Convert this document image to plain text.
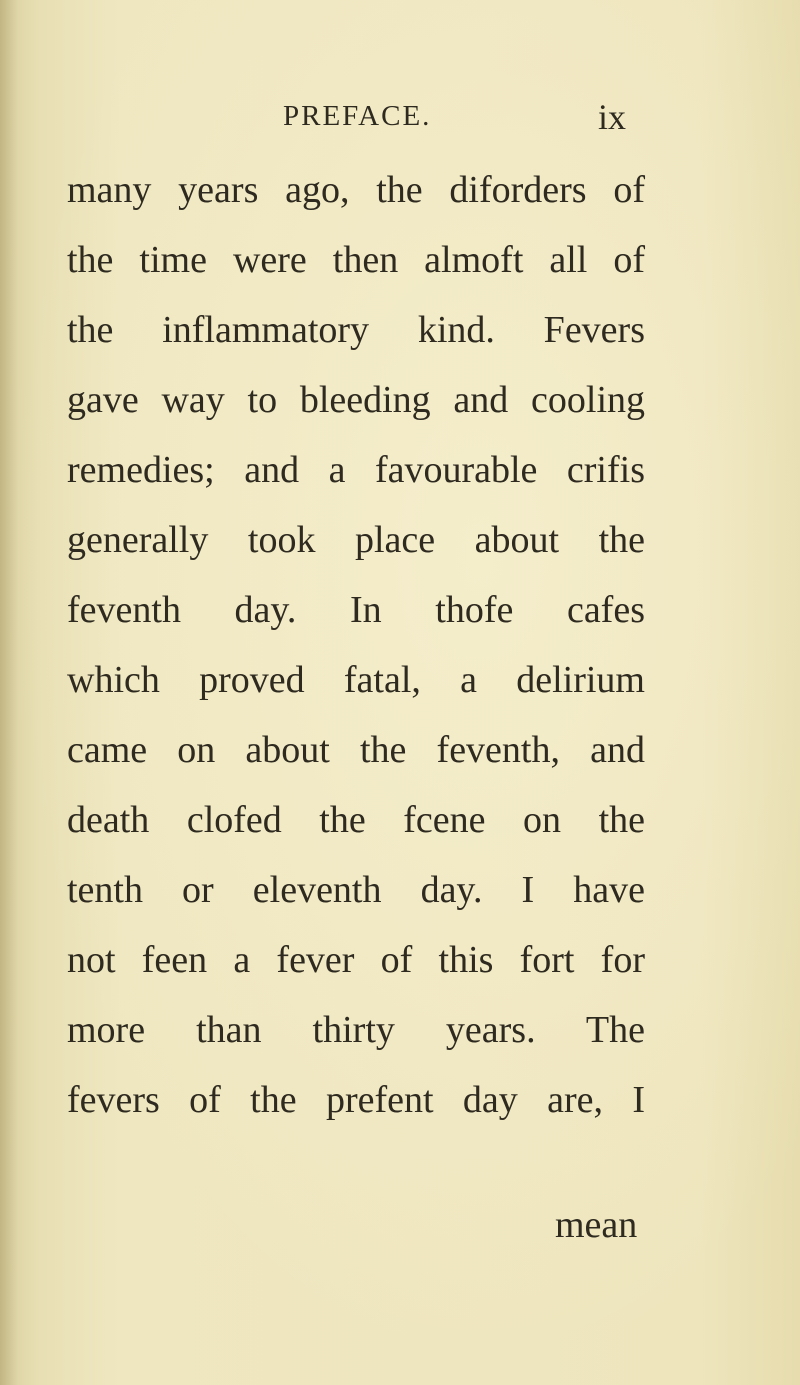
PREFACE.	ix
many years ago, the diforders of
the time were then almoft all of
the inflammatory kind. Fevers
gave way to bleeding and cooling
remedies; and a favourable crifis
generally took place about the
feventh day. In thofe cafes
which proved fatal, a delirium
came on about the feventh, and
death clofed the fcene on the
tenth or eleventh day. I have
not feen a fever of this fort for
more than thirty years. The
fevers of the prefent day are, I
mean
